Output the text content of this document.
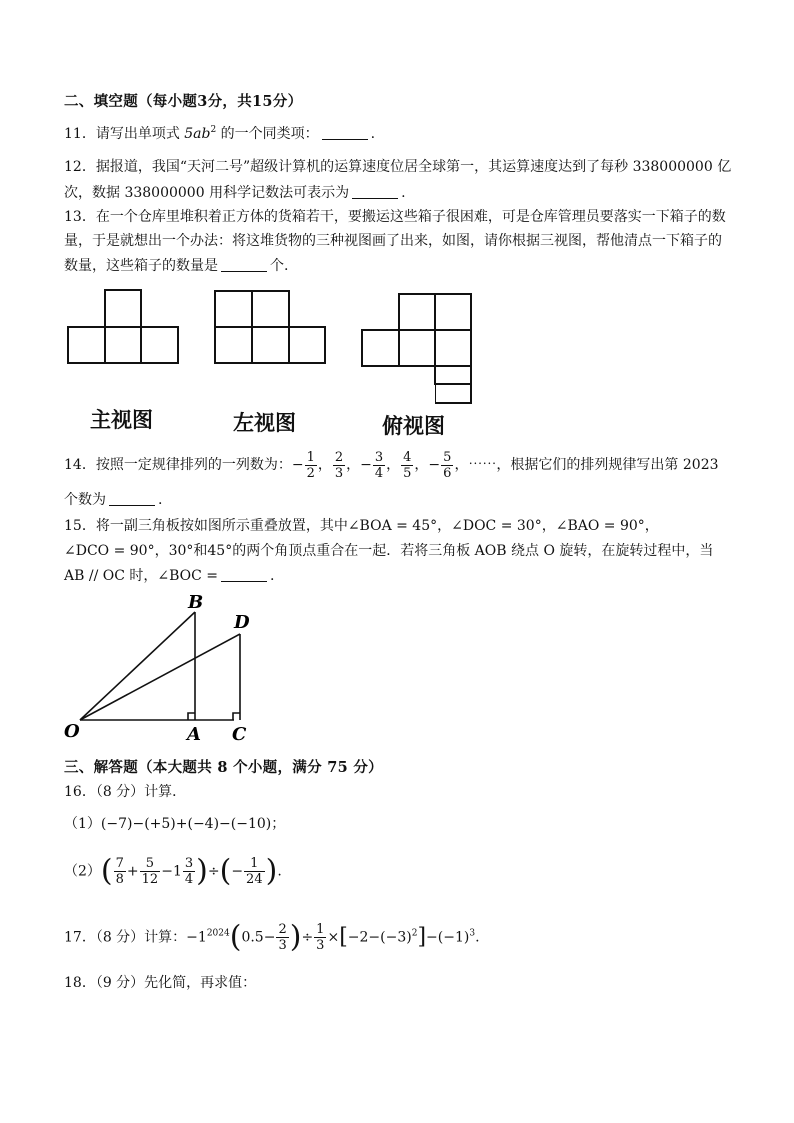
二、填空题（每小题3分，共15分）
11．请写出单项式 $5ab^2$ 的一个同类项：	.
12．据报道，我国“天河二号”超级计算机的运算速度位居全球第一，其运算速度达到了每秒 338000000 亿
次，数据 338000000 用科学记数法可表示为	.
13．在一个仓库里堆积着正方体的货箱若干，要搬运这些箱子很困难，可是仓库管理员要落实一下箱子的数
量，于是就想出一个办法：将这堆货物的三种视图画了出来，如图，请你根据三视图，帮他清点一下箱子的
数量，这些箱子的数量是	个.
主视图	左视图	俯视图
14．按照一定规律排列的一列数为：− $\frac{1}{2}$ ， $\frac{2}{3}$ ，− $\frac{3}{4}$ ， $\frac{4}{5}$ ，− $\frac{5}{6}$ ，⋯⋯，根据它们的排列规律写出第 2023
个数为	.
15．将一副三角板按如图所示重叠放置，其中∠BOA = 45°，∠DOC = 30°，∠BAO = 90°，
∠DCO = 90°，30°和45°的两个角顶点重合在一起．若将三角板 AOB 绕点 O 旋转，在旋转过程中，当
AB // OC 时，∠BOC =	.
B
D
O	A C
三、解答题（本大题共 8 个小题，满分 75 分）
16．（8 分）计算．
（1）(−7)−(+5)+(−4)−(−10)；
$(2)( \frac{7}{8} + \frac{5}{12} -1 \frac{3}{4}$ )÷(− $\frac{1}{24}$ ).
17．（8 分）计算：$-1^{2024}(0.5- \frac{2}{3}$ )÷ $\frac{1}{3} \times[-2-(-3)^2]-(-1)^3$.
18．（9 分）先化简，再求值：
